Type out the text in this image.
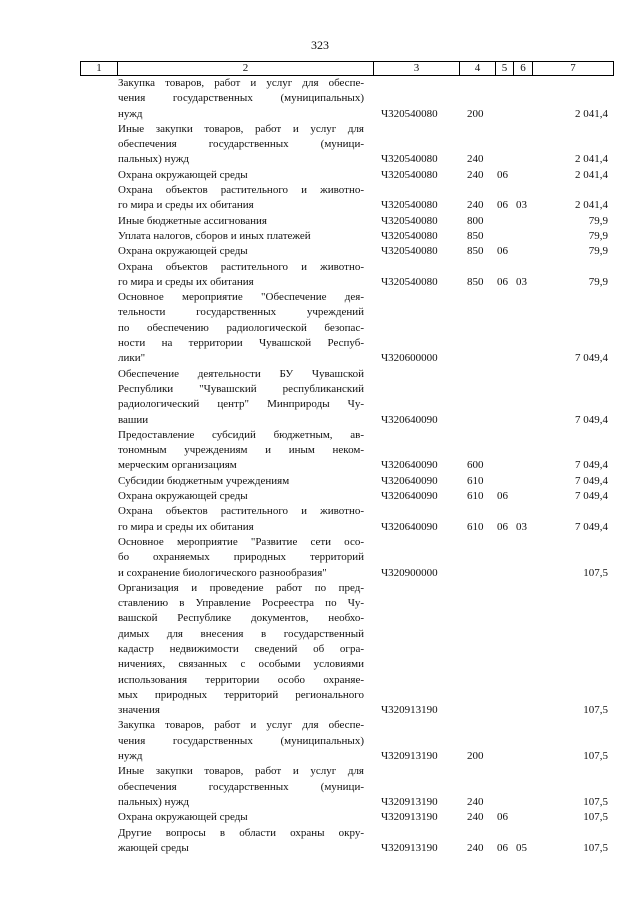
323
1	2	3	4	5	6	7
Закупка товаров, работ и услуг для обеспе-
чения государственных (муниципальных)
нужд	Ч320540080	200	2 041,4
Иные закупки товаров, работ и услуг для
обеспечения государственных (муници-
пальных) нужд	Ч320540080	240	2 041,4
Охрана окружающей среды	Ч320540080	240 06	2 041,4
Охрана объектов растительного и животно-
го мира и среды их обитания	Ч320540080	240 06 03	2 041,4
Иные бюджетные ассигнования	Ч320540080	800	79,9
Уплата налогов, сборов и иных платежей	Ч320540080	850	79,9
Охрана окружающей среды	Ч320540080	850 06	79,9
Охрана объектов растительного и животно-
го мира и среды их обитания	Ч320540080	850 06 03	79,9
Основное мероприятие "Обеспечение дея-
тельности государственных учреждений
по обеспечению радиологической безопас-
ности на территории Чувашской Респуб-
лики"	Ч320600000	7 049,4
Обеспечение деятельности БУ Чувашской
Республики "Чувашский республиканский
радиологический центр" Минприроды Чу-
вашии	Ч320640090	7 049,4
Предоставление субсидий бюджетным, ав-
тономным учреждениям и иным неком-
мерческим организациям	Ч320640090	600	7 049,4
Субсидии бюджетным учреждениям	Ч320640090	610	7 049,4
Охрана окружающей среды	Ч320640090	610 06	7 049,4
Охрана объектов растительного и животно-
го мира и среды их обитания	Ч320640090	610 06 03	7 049,4
Основное мероприятие "Развитие сети осо-
бо охраняемых природных территорий
и сохранение биологического разнообразия"	Ч320900000	107,5
Организация и проведение работ по пред-
ставлению в Управление Росреестра по Чу-
вашской Республике документов, необхо-
димых для внесения в государственный
кадастр недвижимости сведений об огра-
ничениях, связанных с особыми условиями
использования территории особо охраняе-
мых природных территорий регионального
значения	Ч320913190	107,5
Закупка товаров, работ и услуг для обеспе-
чения государственных (муниципальных)
нужд	Ч320913190	200	107,5
Иные закупки товаров, работ и услуг для
обеспечения государственных (муници-
пальных) нужд	Ч320913190	240	107,5
Охрана окружающей среды	Ч320913190	240 06	107,5
Другие вопросы в области охраны окру-
жающей среды	Ч320913190	240 06 05	107,5
